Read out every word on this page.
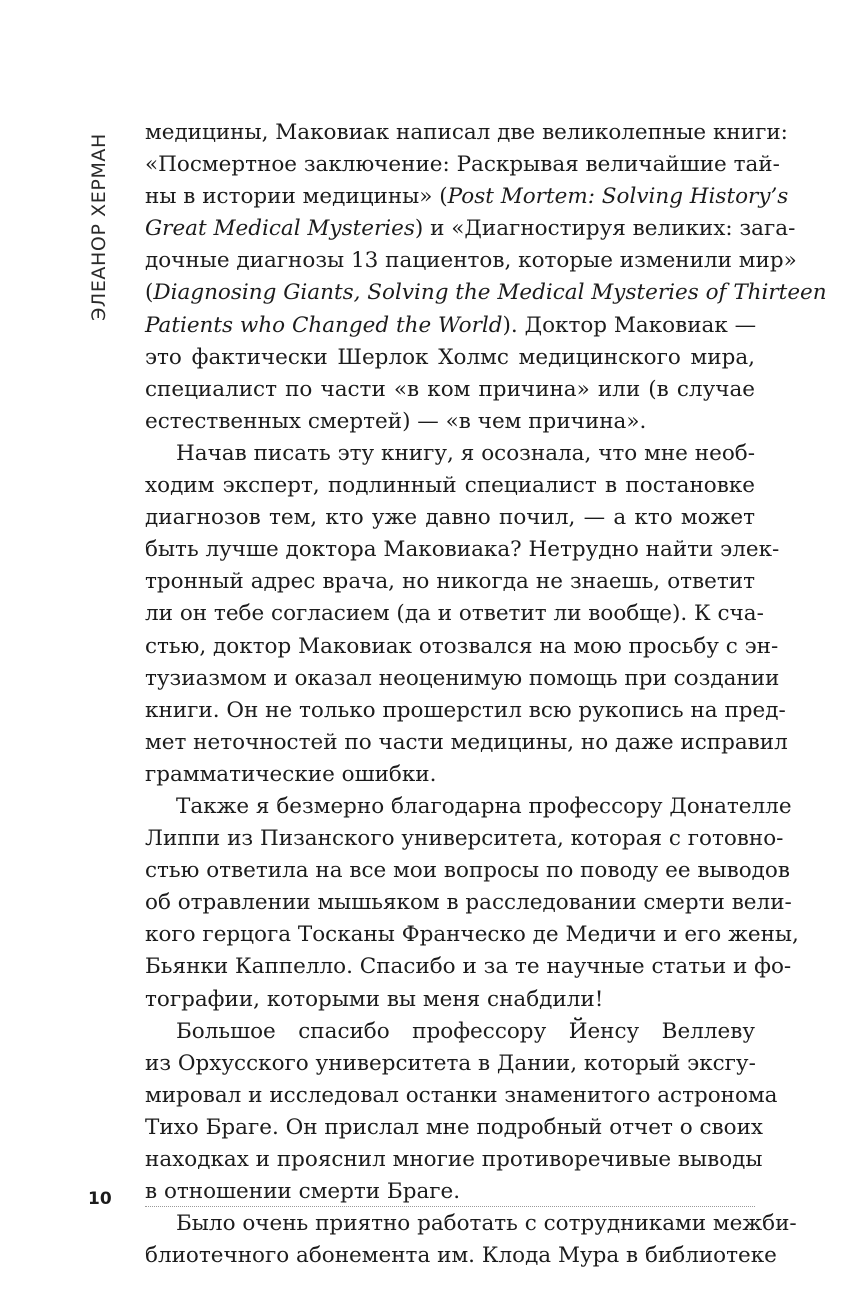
ЭЛЕАНОР ХЕРМАН
медицины, Маковиак написал две великолепные книги:
«Посмертное заключение: Раскрывая величайшие тай-
ны в истории медицины» (Post Mortem: Solving History’s
Great Medical Mysteries) и «Диагностируя великих: зага-
дочные диагнозы 13 пациентов, которые изменили мир»
(Diagnosing Giants, Solving the Medical Mysteries of Thirteen
Patients who Changed the World). Доктор Маковиак —
это фактически Шерлок Холмс медицинского мира,
специалист по части «в ком причина» или (в случае
естественных смертей) — «в чем причина».
Начав писать эту книгу, я осознала, что мне необ-
ходим эксперт, подлинный специалист в постановке
диагнозов тем, кто уже давно почил, — а кто может
быть лучше доктора Маковиака? Нетрудно найти элек-
тронный адрес врача, но никогда не знаешь, ответит
ли он тебе согласием (да и ответит ли вообще). К сча-
стью, доктор Маковиак отозвался на мою просьбу с эн-
тузиазмом и оказал неоценимую помощь при создании
книги. Он не только прошерстил всю рукопись на пред-
мет неточностей по части медицины, но даже исправил
грамматические ошибки.
Также я безмерно благодарна профессору Донателле
Липпи из Пизанского университета, которая с готовно-
стью ответила на все мои вопросы по поводу ее выводов
об отравлении мышьяком в расследовании смерти вели-
кого герцога Тосканы Франческо де Медичи и его жены,
Бьянки Каппелло. Спасибо и за те научные статьи и фо-
тографии, которыми вы меня снабдили!
Большое спасибо профессору Йенсу Веллеву
из Орхусского университета в Дании, который эксгу-
мировал и исследовал останки знаменитого астронома
Тихо Браге. Он прислал мне подробный отчет о своих
находках и прояснил многие противоречивые выводы
в отношении смерти Браге.
Было очень приятно работать с сотрудниками межби-
блиотечного абонемента им. Клода Мура в библиотеке
10
